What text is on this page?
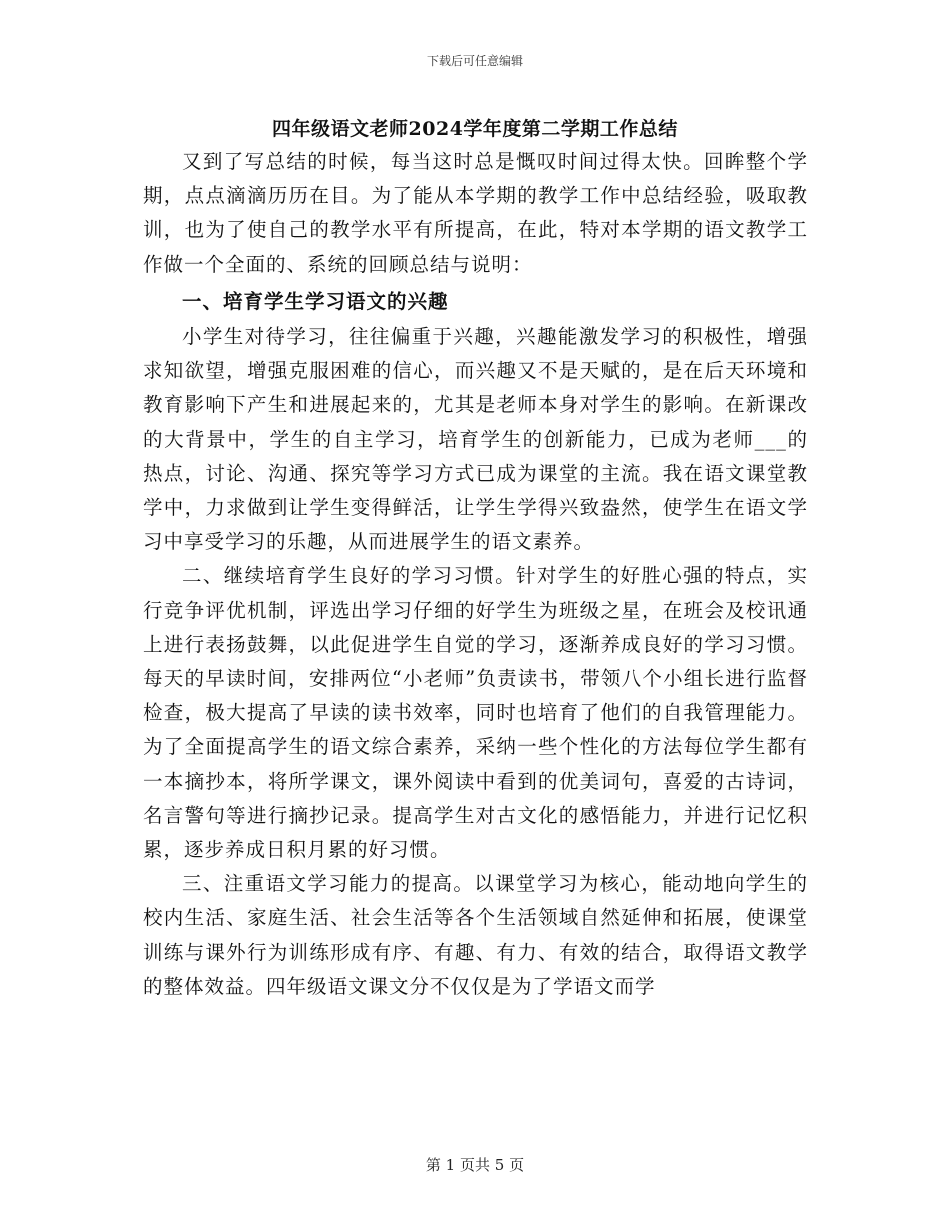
下载后可任意编辑
四年级语文老师2024学年度第二学期工作总结

又到了写总结的时候，每当这时总是慨叹时间过得太快。回眸整个学期，点点滴滴历历在目。为了能从本学期的教学工作中总结经验，吸取教训，也为了使自己的教学水平有所提高，在此，特对本学期的语文教学工作做一个全面的、系统的回顾总结与说明：

一、培育学生学习语文的兴趣

小学生对待学习，往往偏重于兴趣，兴趣能激发学习的积极性，增强求知欲望，增强克服困难的信心，而兴趣又不是天赋的，是在后天环境和教育影响下产生和进展起来的，尤其是老师本身对学生的影响。在新课改的大背景中，学生的自主学习，培育学生的创新能力，已成为老师___的热点，讨论、沟通、探究等学习方式已成为课堂的主流。我在语文课堂教学中，力求做到让学生变得鲜活，让学生学得兴致盎然，使学生在语文学习中享受学习的乐趣，从而进展学生的语文素养。

二、继续培育学生良好的学习习惯。针对学生的好胜心强的特点，实行竞争评优机制，评选出学习仔细的好学生为班级之星，在班会及校讯通上进行表扬鼓舞，以此促进学生自觉的学习，逐渐养成良好的学习习惯。每天的早读时间，安排两位“小老师”负责读书，带领八个小组长进行监督检查，极大提高了早读的读书效率，同时也培育了他们的自我管理能力。为了全面提高学生的语文综合素养，采纳一些个性化的方法每位学生都有一本摘抄本，将所学课文，课外阅读中看到的优美词句，喜爱的古诗词，名言警句等进行摘抄记录。提高学生对古文化的感悟能力，并进行记忆积累，逐步养成日积月累的好习惯。

三、注重语文学习能力的提高。以课堂学习为核心，能动地向学生的校内生活、家庭生活、社会生活等各个生活领域自然延伸和拓展，使课堂训练与课外行为训练形成有序、有趣、有力、有效的结合，取得语文教学的整体效益。四年级语文课文分不仅仅是为了学语文而学

第 1 页共 5 页
